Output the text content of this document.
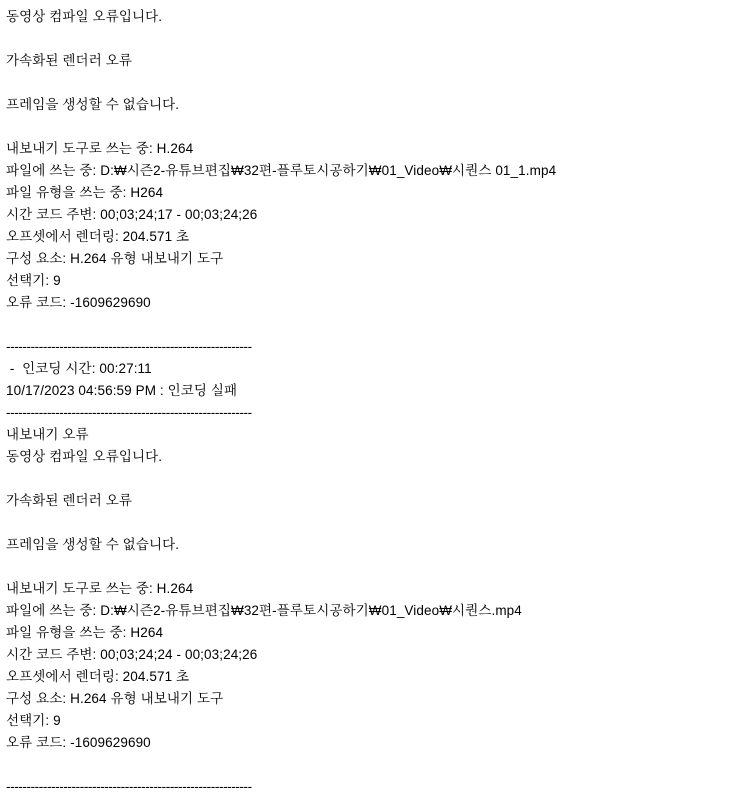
동영상 컴파일 오류입니다.
가속화된 렌더러 오류
프레임을 생성할 수 없습니다.
내보내기 도구로 쓰는 중: H.264
파일에 쓰는 중: D:₩시즌2-유튜브편집₩32편-플루토시공하기₩01_Video₩시퀀스 01_1.mp4
파일 유형을 쓰는 중: H264
시간 코드 주변: 00;03;24;17 - 00;03;24;26
오프셋에서 렌더링: 204.571 초
구성 요소: H.264 유형 내보내기 도구
선택기: 9
오류 코드: -1609629690
------------------------------------------------------------
-  인코딩 시간: 00:27:11
10/17/2023 04:56:59 PM : 인코딩 실패
------------------------------------------------------------
내보내기 오류
동영상 컴파일 오류입니다.
가속화된 렌더러 오류
프레임을 생성할 수 없습니다.
내보내기 도구로 쓰는 중: H.264
파일에 쓰는 중: D:₩시즌2-유튜브편집₩32편-플루토시공하기₩01_Video₩시퀀스.mp4
파일 유형을 쓰는 중: H264
시간 코드 주변: 00;03;24;24 - 00;03;24;26
오프셋에서 렌더링: 204.571 초
구성 요소: H.264 유형 내보내기 도구
선택기: 9
오류 코드: -1609629690
------------------------------------------------------------
